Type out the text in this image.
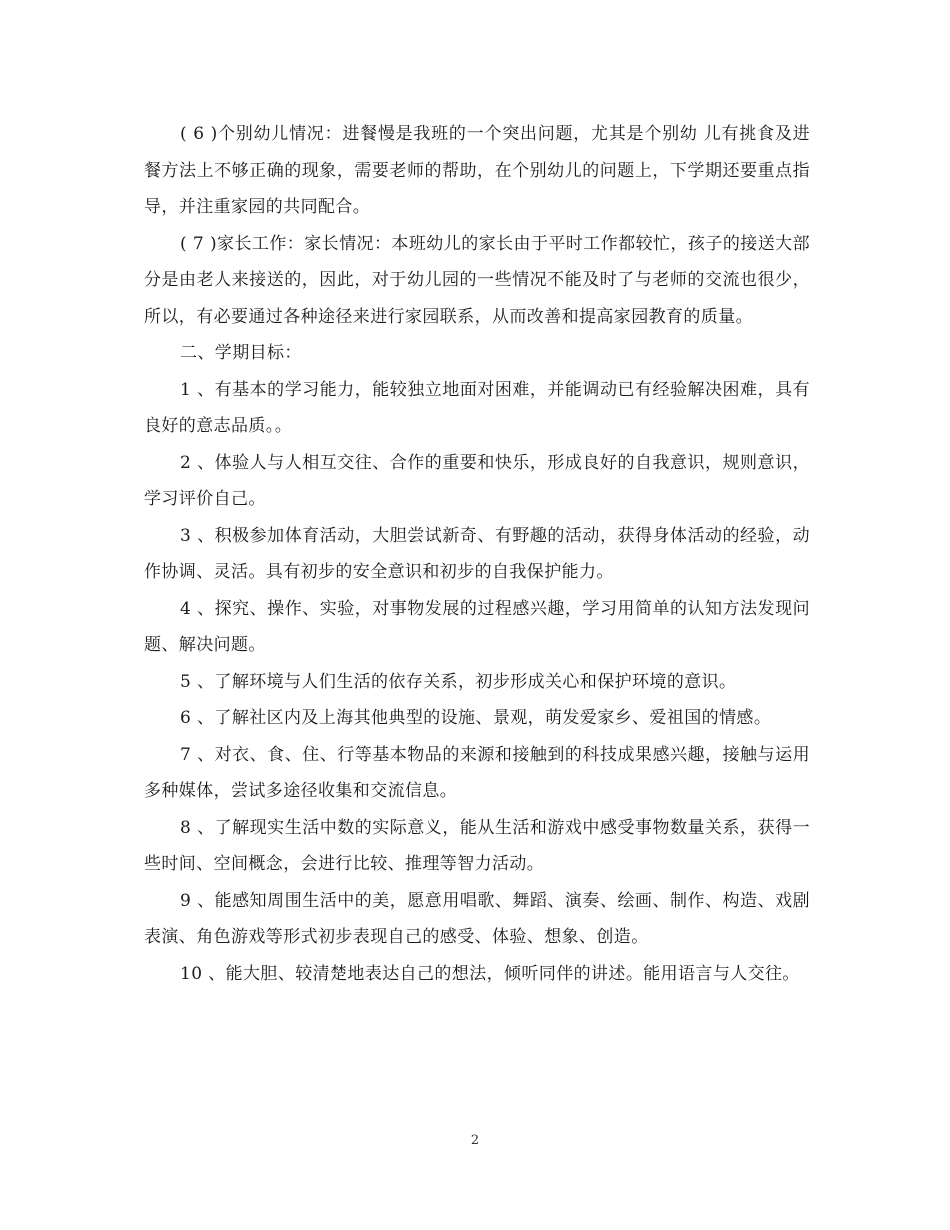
( 6 )个别幼儿情况：进餐慢是我班的一个突出问题，尤其是个别幼 儿有挑食及进餐方法上不够正确的现象，需要老师的帮助，在个别幼儿的问题上，下学期还要重点指导，并注重家园的共同配合。

( 7 )家长工作：家长情况：本班幼儿的家长由于平时工作都较忙，孩子的接送大部分是由老人来接送的，因此，对于幼儿园的一些情况不能及时了与老师的交流也很少，所以，有必要通过各种途径来进行家园联系，从而改善和提高家园教育的质量。

二、学期目标：

1 、有基本的学习能力，能较独立地面对困难，并能调动已有经验解决困难，具有良好的意志品质。。

2 、体验人与人相互交往、合作的重要和快乐，形成良好的自我意识，规则意识，学习评价自己。

3 、积极参加体育活动，大胆尝试新奇、有野趣的活动，获得身体活动的经验，动作协调、灵活。具有初步的安全意识和初步的自我保护能力。

4 、探究、操作、实验，对事物发展的过程感兴趣，学习用简单的认知方法发现问题、解决问题。

5 、了解环境与人们生活的依存关系，初步形成关心和保护环境的意识。

6 、了解社区内及上海其他典型的设施、景观，萌发爱家乡、爱祖国的情感。

7 、对衣、食、住、行等基本物品的来源和接触到的科技成果感兴趣，接触与运用多种媒体，尝试多途径收集和交流信息。

8 、了解现实生活中数的实际意义，能从生活和游戏中感受事物数量关系，获得一些时间、空间概念，会进行比较、推理等智力活动。

9 、能感知周围生活中的美，愿意用唱歌、舞蹈、演奏、绘画、制作、构造、戏剧表演、角色游戏等形式初步表现自己的感受、体验、想象、创造。

10 、能大胆、较清楚地表达自己的想法，倾听同伴的讲述。能用语言与人交往。

2
